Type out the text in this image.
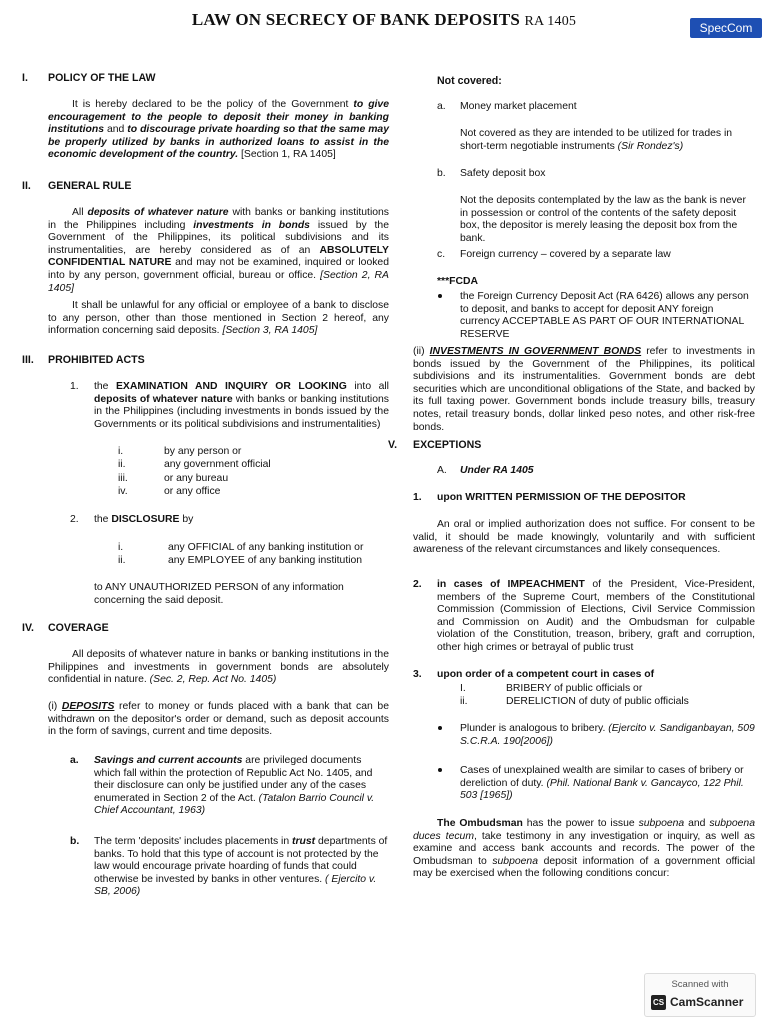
LAW ON SECRECY OF BANK DEPOSITS RA 1405	SpecCom
I. POLICY OF THE LAW
It is hereby declared to be the policy of the Government to give encouragement to the people to deposit their money in banking institutions and to discourage private hoarding so that the same may be properly utilized by banks in authorized loans to assist in the economic development of the country. [Section 1, RA 1405]
II. GENERAL RULE
All deposits of whatever nature with banks or banking institutions in the Philippines including investments in bonds issued by the Government of the Philippines, its political subdivisions and its instrumentalities, are hereby considered as of an ABSOLUTELY CONFIDENTIAL NATURE and may not be examined, inquired or looked into by any person, government official, bureau or office. [Section 2, RA 1405]
It shall be unlawful for any official or employee of a bank to disclose to any person, other than those mentioned in Section 2 hereof, any information concerning said deposits. [Section 3, RA 1405]
III. PROHIBITED ACTS
1. the EXAMINATION AND INQUIRY OR LOOKING into all deposits of whatever nature with banks or banking institutions in the Philippines (including investments in bonds issued by the Governments or its political subdivisions and instrumentalities)
i.	by any person or
ii.	any government official
iii.	or any bureau
iv.	or any office
2. the DISCLOSURE by
i.	any OFFICIAL of any banking institution or
ii.	any EMPLOYEE of any banking institution
to ANY UNAUTHORIZED PERSON of any information concerning the said deposit.
IV. COVERAGE
All deposits of whatever nature in banks or banking institutions in the Philippines and investments in government bonds are absolutely confidential in nature. (Sec. 2, Rep. Act No. 1405)
(i) DEPOSITS refer to money or funds placed with a bank that can be withdrawn on the depositor's order or demand, such as deposit accounts in the form of savings, current and time deposits.
a. Savings and current accounts are privileged documents which fall within the protection of Republic Act No. 1405, and their disclosure can only be justified under any of the cases enumerated in Section 2 of the Act. (Tatalon Barrio Council v. Chief Accountant, 1963)
b. The term 'deposits' includes placements in trust departments of banks. To hold that this type of account is not protected by the law would encourage private hoarding of funds that could otherwise be invested by banks in other ventures. ( Ejercito v. SB, 2006)
Not covered:
a. Money market placement
Not covered as they are intended to be utilized for trades in short-term negotiable instruments (Sir Rondez's)
b. Safety deposit box
Not the deposits contemplated by the law as the bank is never in possession or control of the contents of the safety deposit box, the depositor is merely leasing the deposit box from the bank.
c. Foreign currency – covered by a separate law
***FCDA
the Foreign Currency Deposit Act (RA 6426) allows any person to deposit, and banks to accept for deposit ANY foreign currency ACCEPTABLE AS PART OF OUR INTERNATIONAL RESERVE
(ii) INVESTMENTS IN GOVERNMENT BONDS refer to investments in bonds issued by the Government of the Philippines, its political subdivisions and its instrumentalities. Government bonds are debt securities which are unconditional obligations of the State, and backed by its full taxing power. Government bonds include treasury bills, treasury notes, retail treasury bonds, dollar linked peso notes, and other risk-free bonds.
V. EXCEPTIONS
A. Under RA 1405
1. upon WRITTEN PERMISSION OF THE DEPOSITOR
An oral or implied authorization does not suffice. For consent to be valid, it should be made knowingly, voluntarily and with sufficient awareness of the relevant circumstances and likely consequences.
2. in cases of IMPEACHMENT of the President, Vice-President, members of the Supreme Court, members of the Constitutional Commission (Commission of Elections, Civil Service Commission and Commission on Audit) and the Ombudsman for culpable violation of the Constitution, treason, bribery, graft and corruption, other high crimes or betrayal of public trust
3. upon order of a competent court in cases of
I.	BRIBERY of public officials or
ii.	DERELICTION of duty of public officials
Plunder is analogous to bribery. (Ejercito v. Sandiganbayan, 509 S.C.R.A. 190[2006])
Cases of unexplained wealth are similar to cases of bribery or dereliction of duty. (Phil. National Bank v. Gancayco, 122 Phil. 503 [1965])
The Ombudsman has the power to issue subpoena and subpoena duces tecum, take testimony in any investigation or inquiry, as well as examine and access bank accounts and records. The power of the Ombudsman to subpoena deposit information of a government official may be exercised when the following conditions concur:
Scanned with
CS CamScanner
